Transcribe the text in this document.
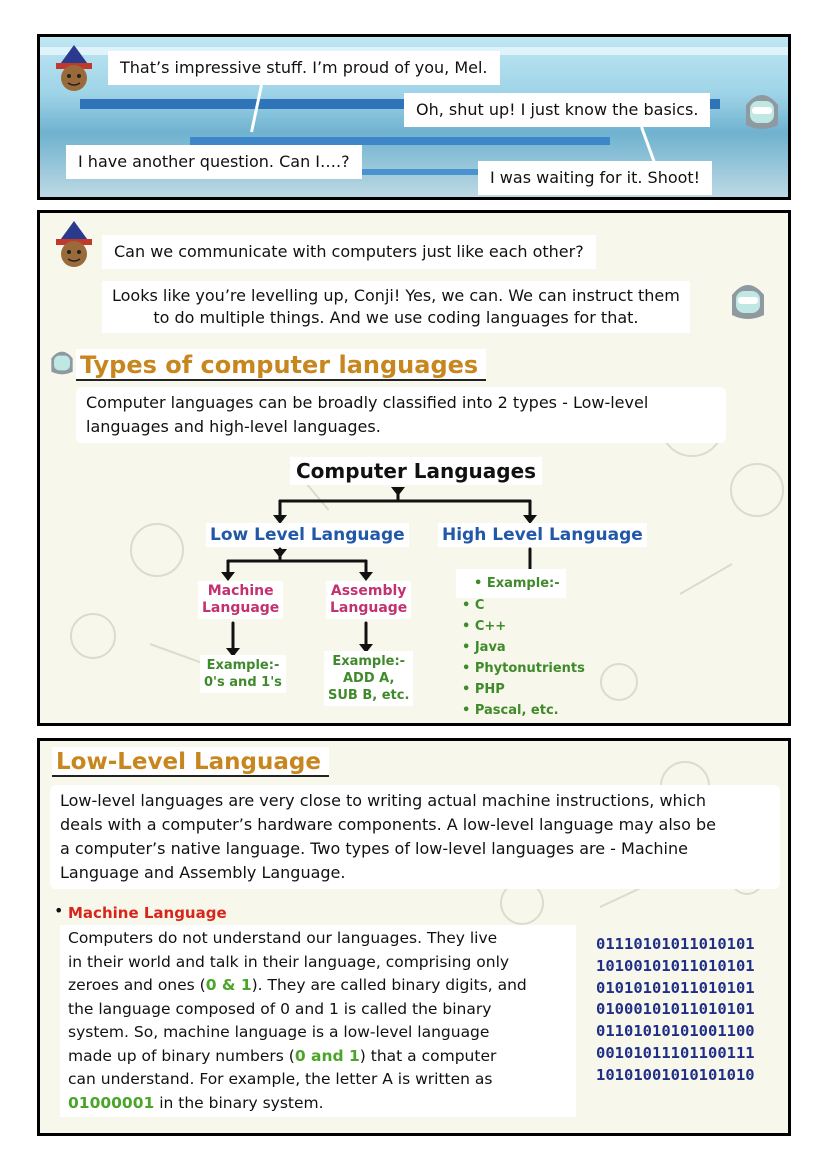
That’s impressive stuff. I’m proud of you, Mel.
Oh, shut up! I just know the basics.
I have another question. Can I….?
I was waiting for it. Shoot!
Can we communicate with computers just like each other?
Looks like you’re levelling up, Conji! Yes, we can. We can instruct them
to do multiple things. And we use coding languages for that.
Types of computer languages
Computer languages can be broadly classified into 2 types - Low-level
languages and high-level languages.
Computer Languages
Low Level Language High Level Language
Machine
Language
Assembly
Language
Example:-
0's and 1's
Example:-
ADD A,
SUB B, etc.
• Example:-
• C
• C++
• Java
• Phytonutrients
• PHP
• Pascal, etc.
Low-Level Language
Low-level languages are very close to writing actual machine instructions, which
deals with a computer’s hardware components. A low-level language may also be
a computer’s native language. Two types of low-level languages are - Machine
Language and Assembly Language.
• Machine Language
Computers do not understand our languages. They live
in their world and talk in their language, comprising only
zeroes and ones (0 & 1). They are called binary digits, and
the language composed of 0 and 1 is called the binary
system. So, machine language is a low-level language
made up of binary numbers (0 and 1) that a computer
can understand. For example, the letter A is written as
01000001 in the binary system.
01110101011010101
10100101011010101
01010101011010101
01000101011010101
01101010101001100
00101011101100111
10101001010101010
